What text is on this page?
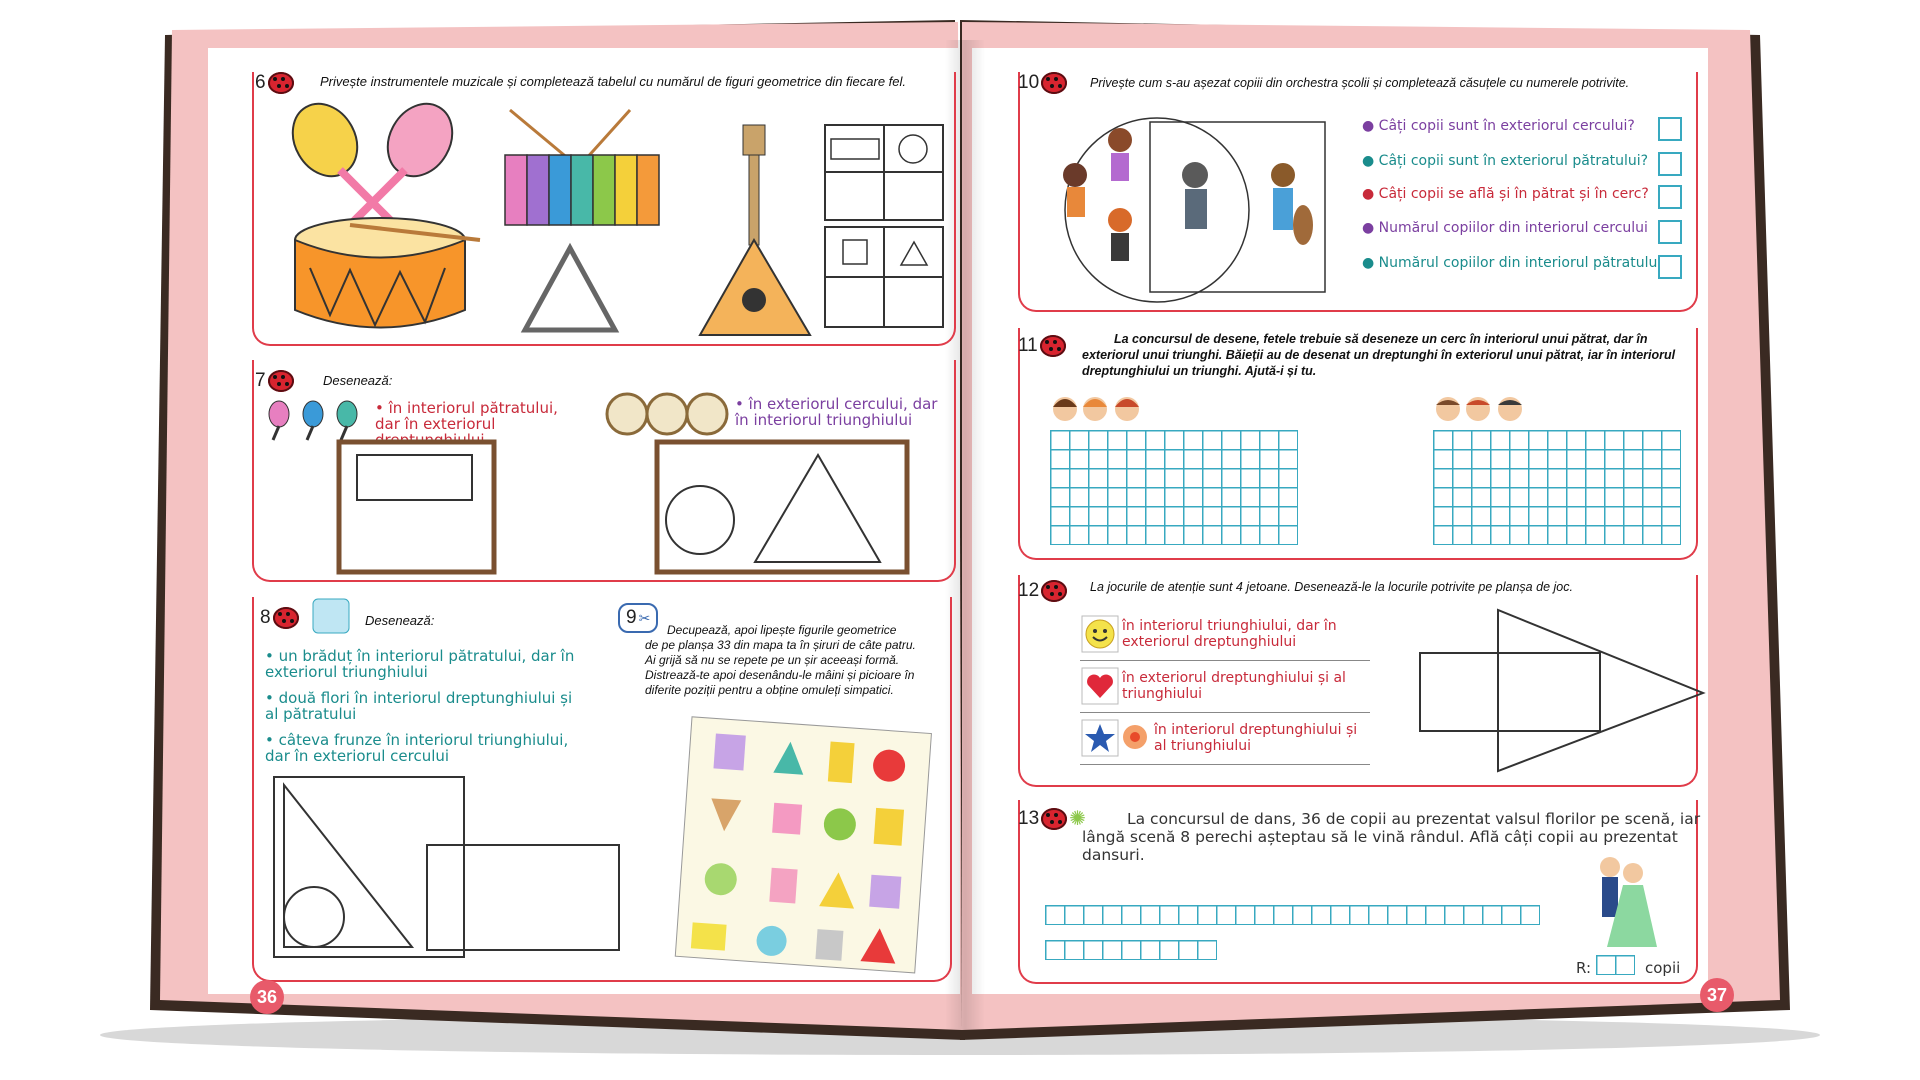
6	Privește instrumentele muzicale și completează tabelul cu numărul de figuri geometrice din fiecare fel.
7	Desenează:
• în interiorul pătratului, dar în exteriorul
• în exteriorul cercului, dar în interiorul triunghiului
8	Desenează:
• un brăduț în interiorul pătratului, dar în exteriorul triunghiului
• două flori în interiorul dreptunghiului și al pătratului
• câteva frunze în interiorul triunghiului, dar în exteriorul cercului
9 ✂
Decupează, apoi lipește figurile geometrice
de pe planșa 33 din mapa ta în șiruri de câte patru.
Ai grijă să nu se repete pe un șir aceeași formă.
Distrează-te apoi desenându-le mâini și picioare în
diferite poziții pentru a obține omuleți simpatici.
36
10	Privește cum s-au așezat copiii din orchestra școlii și completează căsuțele cu numerele potrivite.
● Câți copii sunt în exteriorul cercului?
● Câți copii sunt în exteriorul pătratului?
● Câți copii se află și în pătrat și în cerc?
● Numărul copiilor din interiorul cercului
● Numărul copiilor din interiorul pătratului
11	La concursul de desene, fetele trebuie să deseneze un cerc în interiorul unui pătrat, dar în
exteriorul unui triunghi. Băieții au de desenat un dreptunghi în exteriorul unui pătrat, iar în interiorul
dreptunghiului un triunghi. Ajută-i și tu.
12	La jocurile de atenție sunt 4 jetoane. Desenează-le la locurile potrivite pe planșa de joc.
în interiorul triunghiului, dar în exteriorul dreptunghiului
în exteriorul dreptunghiului și al triunghiului
în interiorul dreptunghiului și al triunghiului
13 ✺	La concursul de dans, 36 de copii au prezentat valsul florilor pe scenă, iar
lângă scenă 8 perechi așteptau să le vină rândul. Află câți copii au prezentat
dansuri.
R:	copii
37
